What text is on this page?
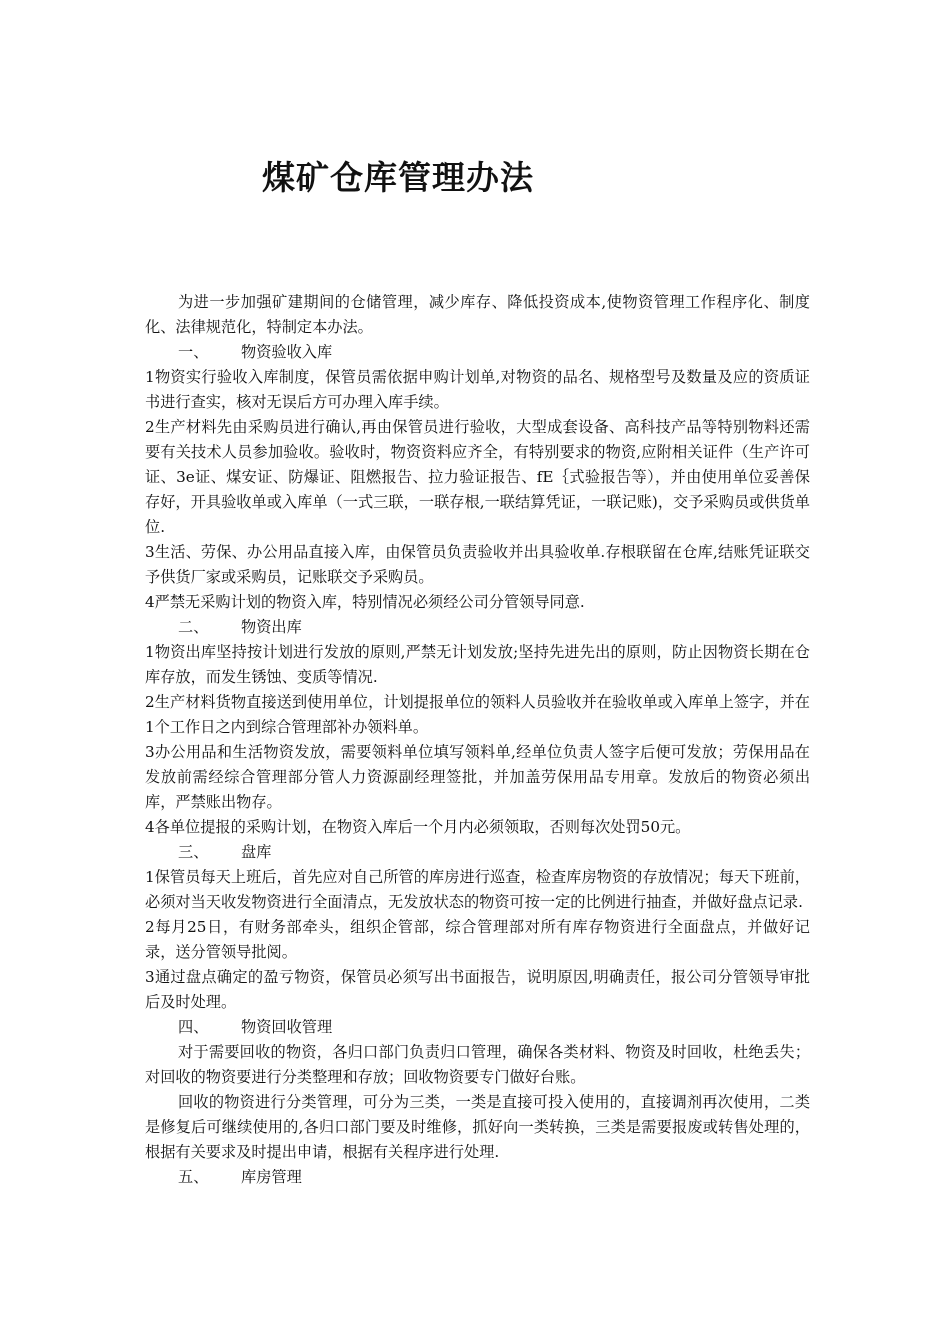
煤矿仓库管理办法

为进一步加强矿建期间的仓储管理，减少库存、降低投资成本,使物资管理工作程序化、制度化、法律规范化，特制定本办法。

一、 物资验收入库

1物资实行验收入库制度，保管员需依据申购计划单,对物资的品名、规格型号及数量及应的资质证书进行查实，核对无误后方可办理入库手续。

2生产材料先由采购员进行确认,再由保管员进行验收，大型成套设备、高科技产品等特别物料还需要有关技术人员参加验收。验收时，物资资料应齐全，有特别要求的物资,应附相关证件（生产许可证、3e证、煤安证、防爆证、阻燃报告、拉力验证报告、fE｛式验报告等），并由使用单位妥善保存好，开具验收单或入库单（一式三联，一联存根,一联结算凭证，一联记账)，交予采购员或供货单位.

3生活、劳保、办公用品直接入库，由保管员负责验收并出具验收单.存根联留在仓库,结账凭证联交予供货厂家或采购员，记账联交予采购员。

4严禁无采购计划的物资入库，特别情况必须经公司分管领导同意.

二、 物资出库

1物资出库坚持按计划进行发放的原则,严禁无计划发放;坚持先进先出的原则，防止因物资长期在仓库存放，而发生锈蚀、变质等情况.

2生产材料货物直接送到使用单位，计划提报单位的领料人员验收并在验收单或入库单上签字，并在1个工作日之内到综合管理部补办领料单。

3办公用品和生活物资发放，需要领料单位填写领料单,经单位负责人签字后便可发放；劳保用品在发放前需经综合管理部分管人力资源副经理签批，并加盖劳保用品专用章。发放后的物资必须出库，严禁账出物存。

4各单位提报的采购计划，在物资入库后一个月内必须领取，否则每次处罚50元。

三、 盘库

1保管员每天上班后，首先应对自己所管的库房进行巡查，检查库房物资的存放情况；每天下班前，必须对当天收发物资进行全面清点，无发放状态的物资可按一定的比例进行抽查，并做好盘点记录.

2每月25日，有财务部牵头，组织企管部，综合管理部对所有库存物资进行全面盘点，并做好记录，送分管领导批阅。

3通过盘点确定的盈亏物资，保管员必须写出书面报告，说明原因,明确责任，报公司分管领导审批后及时处理。

四、 物资回收管理

对于需要回收的物资，各归口部门负责归口管理，确保各类材料、物资及时回收，杜绝丢失；对回收的物资要进行分类整理和存放；回收物资要专门做好台账。

回收的物资进行分类管理，可分为三类，一类是直接可投入使用的，直接调剂再次使用，二类是修复后可继续使用的,各归口部门要及时维修，抓好向一类转换，三类是需要报废或转售处理的，根据有关要求及时提出申请，根据有关程序进行处理.

五、 库房管理
